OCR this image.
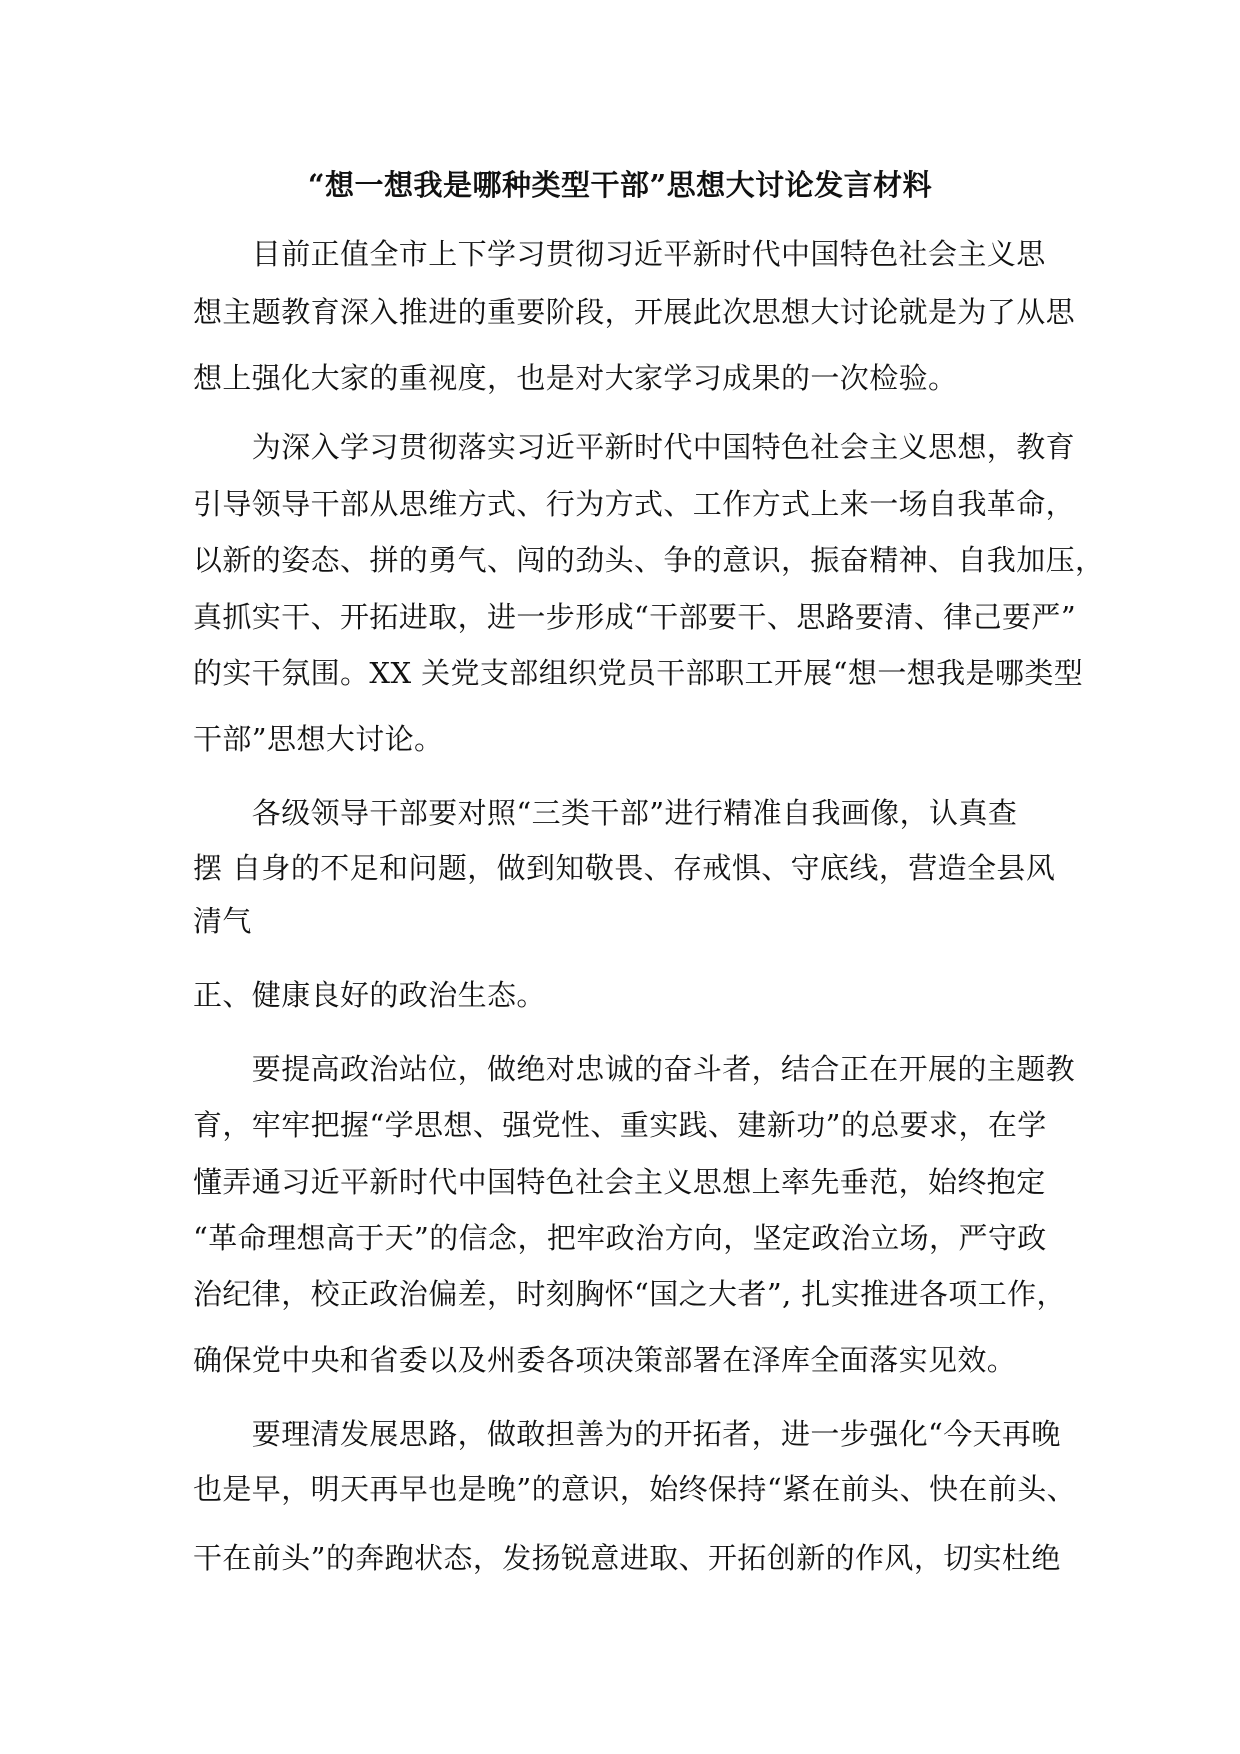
“想一想我是哪种类型干部”思想大讨论发言材料
　　目前正值全市上下学习贯彻习近平新时代中国特色社会主义思
想主题教育深入推进的重要阶段，开展此次思想大讨论就是为了从思
想上强化大家的重视度，也是对大家学习成果的一次检验。
　　为深入学习贯彻落实习近平新时代中国特色社会主义思想，教育
引导领导干部从思维方式、行为方式、工作方式上来一场自我革命，
以新的姿态、拼的勇气、闯的劲头、争的意识，振奋精神、自我加压，
真抓实干、开拓进取，进一步形成“干部要干、思路要清、律己要严”
的实干氛围。XX 关党支部组织党员干部职工开展“想一想我是哪类型
干部”思想大讨论。
　　各级领导干部要对照“三类干部”进行精准自我画像，认真查
摆 自身的不足和问题，做到知敬畏、存戒惧、守底线，营造全县风
清气
正、健康良好的政治生态。
　　要提高政治站位，做绝对忠诚的奋斗者，结合正在开展的主题教
育，牢牢把握“学思想、强党性、重实践、建新功”的总要求，在学
懂弄通习近平新时代中国特色社会主义思想上率先垂范，始终抱定
“革命理想高于天”的信念，把牢政治方向，坚定政治立场，严守政
治纪律，校正政治偏差，时刻胸怀“国之大者”, 扎实推进各项工作，
确保党中央和省委以及州委各项决策部署在泽库全面落实见效。
　　要理清发展思路，做敢担善为的开拓者，进一步强化“今天再晚
也是早，明天再早也是晚”的意识，始终保持“紧在前头、快在前头、
干在前头”的奔跑状态，发扬锐意进取、开拓创新的作风，切实杜绝
